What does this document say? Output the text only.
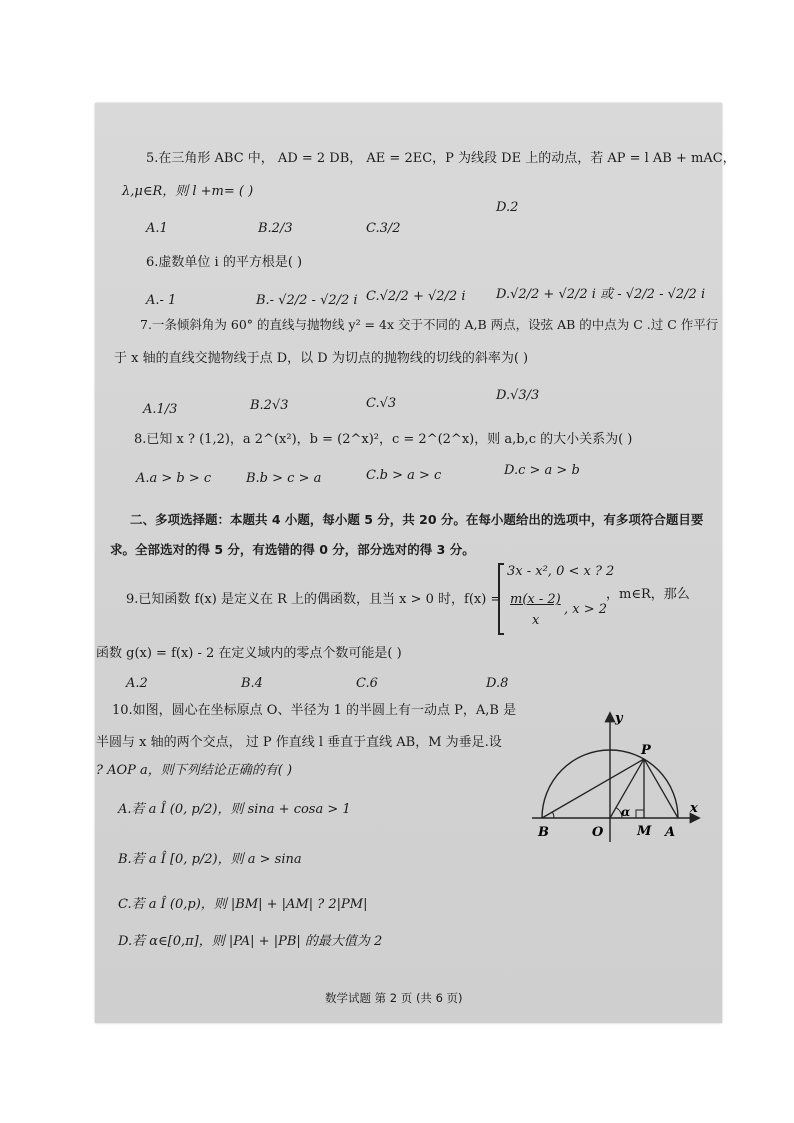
5.在三角形 ABC 中， AD = 2 DB， AE = 2EC，P 为线段 DE 上的动点，若 AP = l AB + mAC，
λ,μ∈R，则 l +m= ( )
A.1	B.2/3	C.3/2
D.2
6.虚数单位 i 的平方根是( )
A.- 1	B.- √2/2 - √2/2 i C.√2/2 + √2/2 i D.√2/2 + √2/2 i 或 - √2/2 - √2/2 i
7.一条倾斜角为 60° 的直线与抛物线 y² = 4x 交于不同的 A,B 两点，设弦 AB 的中点为 C .过 C 作平行
于 x 轴的直线交抛物线于点 D，以 D 为切点的抛物线的切线的斜率为( )
A.1/3	B.2√3	C.√3
D.√3/3
8.已知 x ? (1,2)，a 2^(x²)，b = (2^x)²，c = 2^(2^x)，则 a,b,c 的大小关系为( )
A.a > b > c	B.b > c > a	C.b > a > c	D.c > a > b
二、多项选择题：本题共 4 小题，每小题 5 分，共 20 分。在每小题给出的选项中，有多项符合题目要
求。全部选对的得 5 分，有选错的得 0 分，部分选对的得 3 分。
9.已知函数 f(x) 是定义在 R 上的偶函数，且当 x > 0 时，f(x) =
3x - x², 0 < x ? 2
m(x - 2)
x
, x > 2
，m∈R，那么
函数 g(x) = f(x) - 2 在定义域内的零点个数可能是( )
A.2	B.4	C.6	D.8
10.如图，圆心在坐标原点 O、半径为 1 的半圆上有一动点 P，A,B 是
半圆与 x 轴的两个交点， 过 P 作直线 l 垂直于直线 AB，M 为垂足.设
? AOP a，则下列结论正确的有( )
A.若 a Î (0, p/2)，则 sina + cosa > 1
B.若 a Î [0, p/2)，则 a > sina
C.若 a Î (0,p)，则 |BM| + |AM| ? 2|PM|
D.若 α∈[0,π]，则 |PA| + |PB| 的最大值为 2
y
x
P
B	O	M A
α
数学试题 第 2 页 (共 6 页)
